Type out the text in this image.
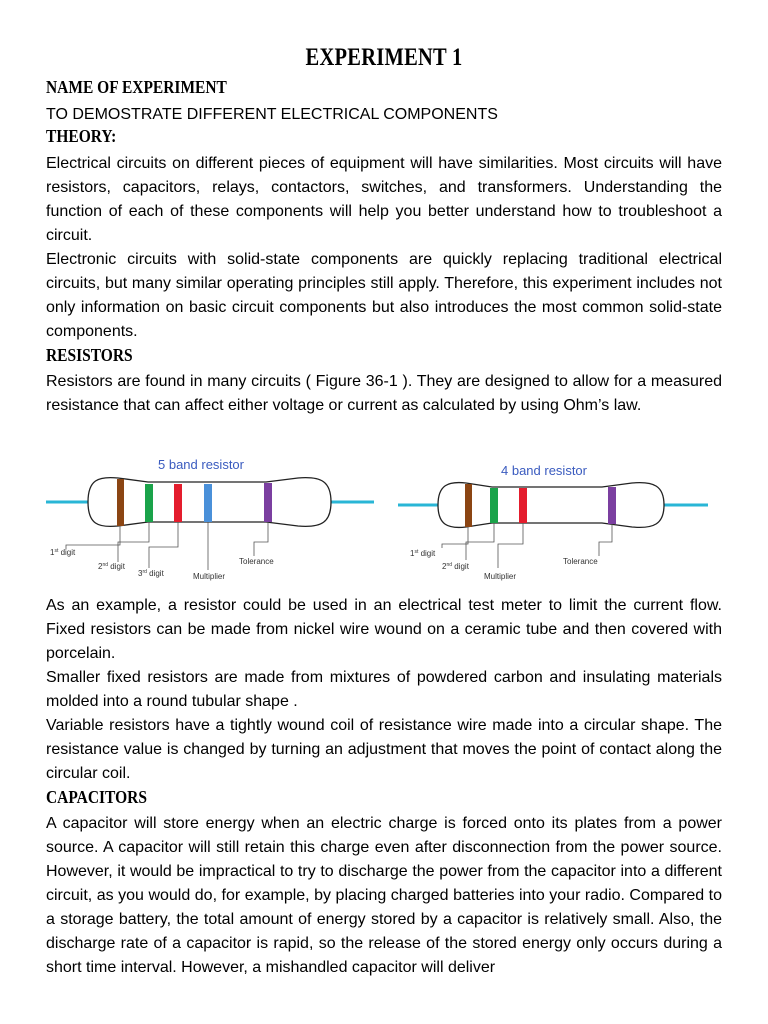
EXPERIMENT 1
NAME OF EXPERIMENT

TO DEMOSTRATE DIFFERENT ELECTRICAL COMPONENTS

THEORY:

Electrical circuits on different pieces of equipment will have similarities. Most circuits will have resistors, capacitors, relays, contactors, switches, and transformers. Understanding the function of each of these components will help you better understand how to troubleshoot a circuit.

Electronic circuits with solid-state components are quickly replacing traditional electrical circuits, but many similar operating principles still apply. Therefore, this experiment includes not only information on basic circuit components but also introduces the most common solid-state components.

RESISTORS

Resistors are found in many circuits ( Figure 36-1 ). They are designed to allow for a measured resistance that can affect either voltage or current as calculated by using Ohm’s law.

5 band resistor
1st digit
2nd digit
3rd digit	Multiplier
Tolerance
4 band resistor
1st digit
2nd digit
Multiplier
Tolerance

As an example, a resistor could be used in an electrical test meter to limit the current flow. Fixed resistors can be made from nickel wire wound on a ceramic tube and then covered with porcelain.

Smaller fixed resistors are made from mixtures of powdered carbon and insulating materials molded into a round tubular shape .

Variable resistors have a tightly wound coil of resistance wire made into a circular shape. The resistance value is changed by turning an adjustment that moves the point of contact along the circular coil.

CAPACITORS

A capacitor will store energy when an electric charge is forced onto its plates from a power source. A capacitor will still retain this charge even after disconnection from the power source. However, it would be impractical to try to discharge the power from the capacitor into a different circuit, as you would do, for example, by placing charged batteries into your radio. Compared to a storage battery, the total amount of energy stored by a capacitor is relatively small. Also, the discharge rate of a capacitor is rapid, so the release of the stored energy only occurs during a short time interval. However, a mishandled capacitor will deliver
